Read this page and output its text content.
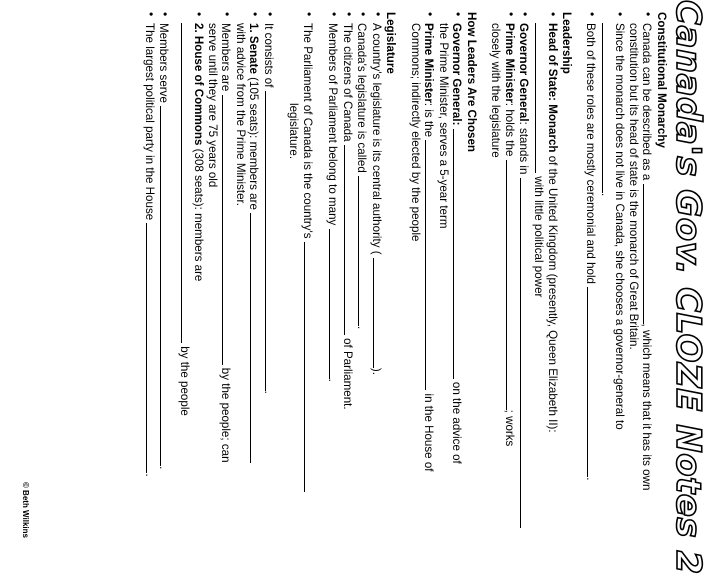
Canada's Gov. CLOZE Notes 2

Constitutional Monarchy

• Canada can be described as a , which means that it has its own constitution but its head of state is the monarch of Great Britain.
• Since the monarch does not live in Canada, she chooses a governor-general to .
• Both of these roles are mostly ceremonial and hold .

Leadership

• Head of State: Monarch of the United Kingdom (presently, Queen Elizabeth II):  with little political power
• Governor General: stands in
• Prime Minister: holds the ; works
closely with the legislature

How Leaders Are Chosen

• Governor General:  on the advice of
the Prime Minister, serves a 5-year term
• Prime Minister: is the  in the House of
Commons; indirectly elected by the people

Legislature

• A country's legislature is its central authority ( ).
• Canada's legislature is called .
• The citizens of Canada  of Parliament.
• Members of Parliament belong to many .
• The Parliament of Canada is the country's
legislature.
• It consists of .
• 1. Senate (105 seats): members are
with advice from the Prime Minister.
• Members are  by the people; can
serve until they are 75 years old
• 2. House of Commons (308 seats): members are
by the people
• Members serve .
• The largest political party in the House .
© Beth Wilkins
